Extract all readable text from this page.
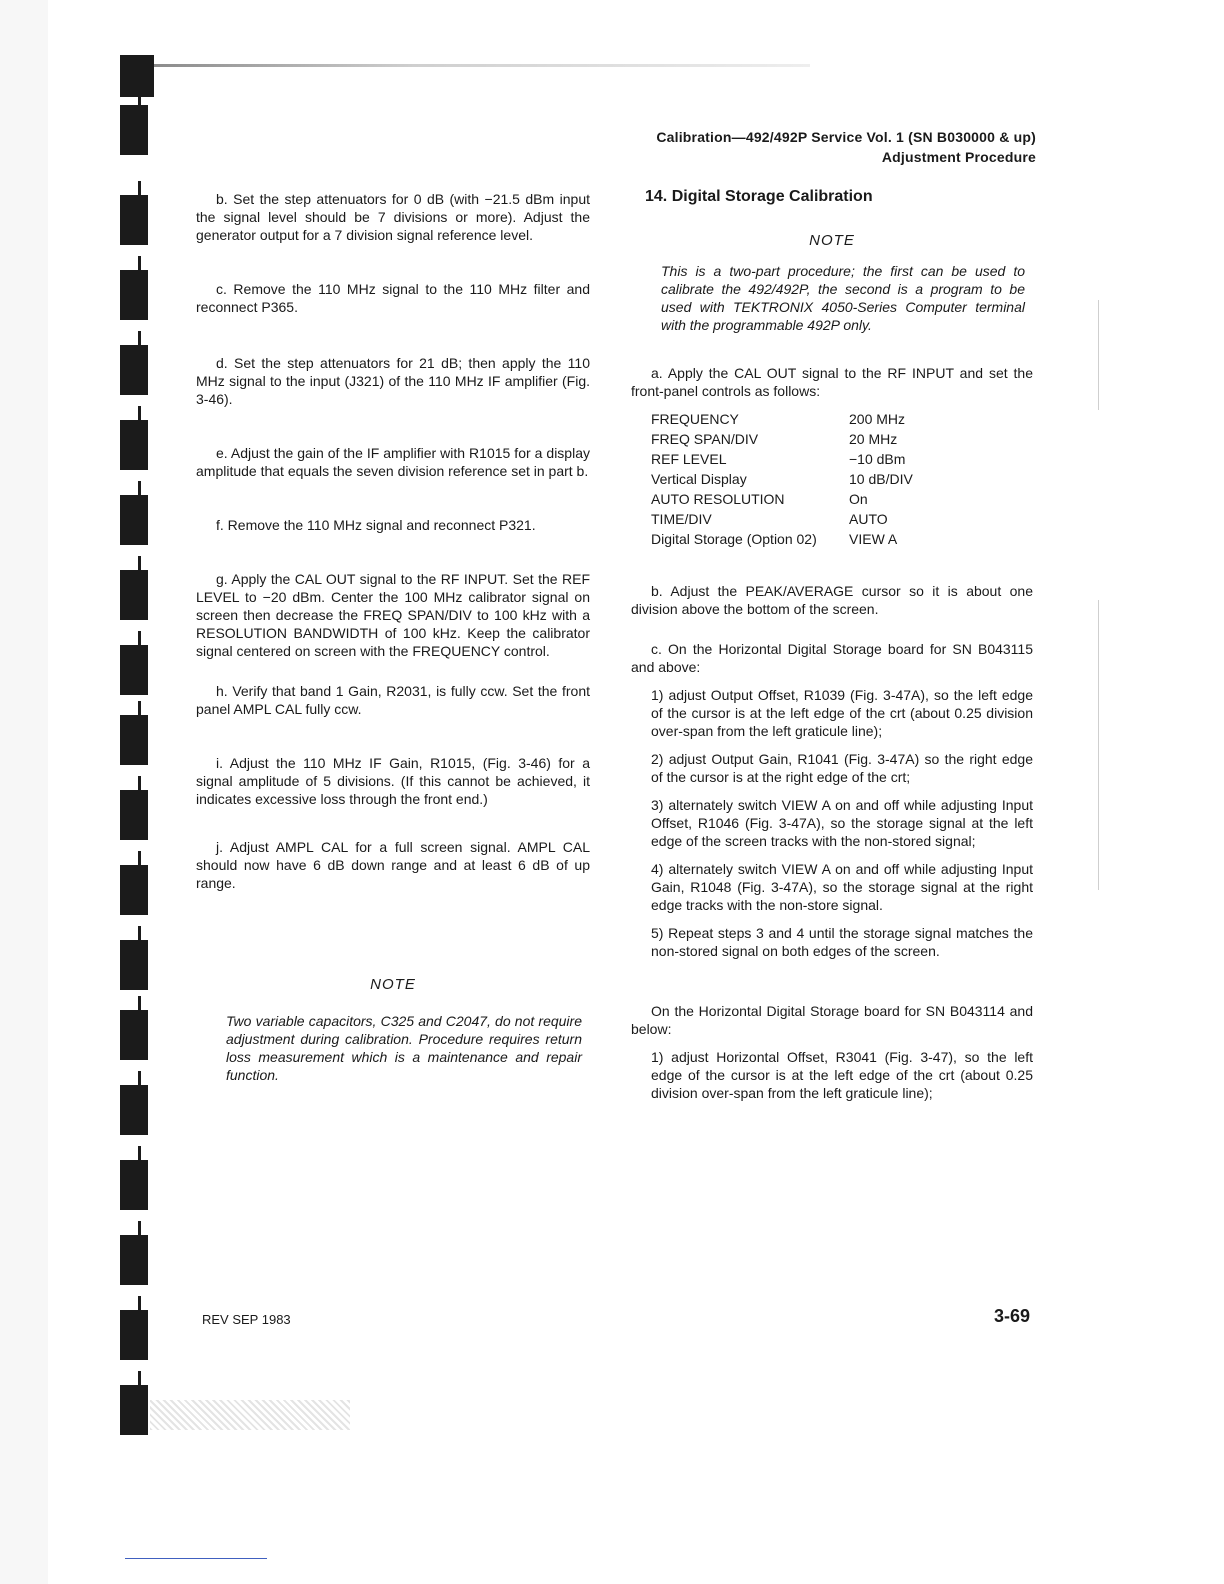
Calibration—492/492P Service Vol. 1 (SN B030000 & up)
Adjustment Procedure

b. Set the step attenuators for 0 dB (with −21.5 dBm input the signal level should be 7 divisions or more). Adjust the generator output for a 7 division signal reference level.

c. Remove the 110 MHz signal to the 110 MHz filter and reconnect P365.

d. Set the step attenuators for 21 dB; then apply the 110 MHz signal to the input (J321) of the 110 MHz IF amplifier (Fig. 3-46).

e. Adjust the gain of the IF amplifier with R1015 for a display amplitude that equals the seven division reference set in part b.

f. Remove the 110 MHz signal and reconnect P321.

g. Apply the CAL OUT signal to the RF INPUT. Set the REF LEVEL to −20 dBm. Center the 100 MHz calibrator signal on screen then decrease the FREQ SPAN/DIV to 100 kHz with a RESOLUTION BANDWIDTH of 100 kHz. Keep the calibrator signal centered on screen with the FREQUENCY control.

h. Verify that band 1 Gain, R2031, is fully ccw. Set the front panel AMPL CAL fully ccw.

i. Adjust the 110 MHz IF Gain, R1015, (Fig. 3-46) for a signal amplitude of 5 divisions. (If this cannot be achieved, it indicates excessive loss through the front end.)

j. Adjust AMPL CAL for a full screen signal. AMPL CAL should now have 6 dB down range and at least 6 dB of up range.

NOTE

Two variable capacitors, C325 and C2047, do not require adjustment during calibration. Procedure requires return loss measurement which is a maintenance and repair function.

14. Digital Storage Calibration

NOTE

This is a two-part procedure; the first can be used to calibrate the 492/492P, the second is a program to be used with TEKTRONIX 4050-Series Computer terminal with the programmable 492P only.

a. Apply the CAL OUT signal to the RF INPUT and set the front-panel controls as follows:

FREQUENCY	200 MHz
FREQ SPAN/DIV	20 MHz
REF LEVEL	−10 dBm
Vertical Display	10 dB/DIV
AUTO RESOLUTION	On
TIME/DIV	AUTO
Digital Storage (Option 02)	VIEW A

b. Adjust the PEAK/AVERAGE cursor so it is about one division above the bottom of the screen.

c. On the Horizontal Digital Storage board for SN B043115 and above:

1) adjust Output Offset, R1039 (Fig. 3-47A), so the left edge of the cursor is at the left edge of the crt (about 0.25 division over-span from the left graticule line);

2) adjust Output Gain, R1041 (Fig. 3-47A) so the right edge of the cursor is at the right edge of the crt;

3) alternately switch VIEW A on and off while adjusting Input Offset, R1046 (Fig. 3-47A), so the storage signal at the left edge of the screen tracks with the non-stored signal;

4) alternately switch VIEW A on and off while adjusting Input Gain, R1048 (Fig. 3-47A), so the storage signal at the right edge tracks with the non-store signal.

5) Repeat steps 3 and 4 until the storage signal matches the non-stored signal on both edges of the screen.

On the Horizontal Digital Storage board for SN B043114 and below:

1) adjust Horizontal Offset, R3041 (Fig. 3-47), so the left edge of the cursor is at the left edge of the crt (about 0.25 division over-span from the left graticule line);

REV SEP 1983	3-69
